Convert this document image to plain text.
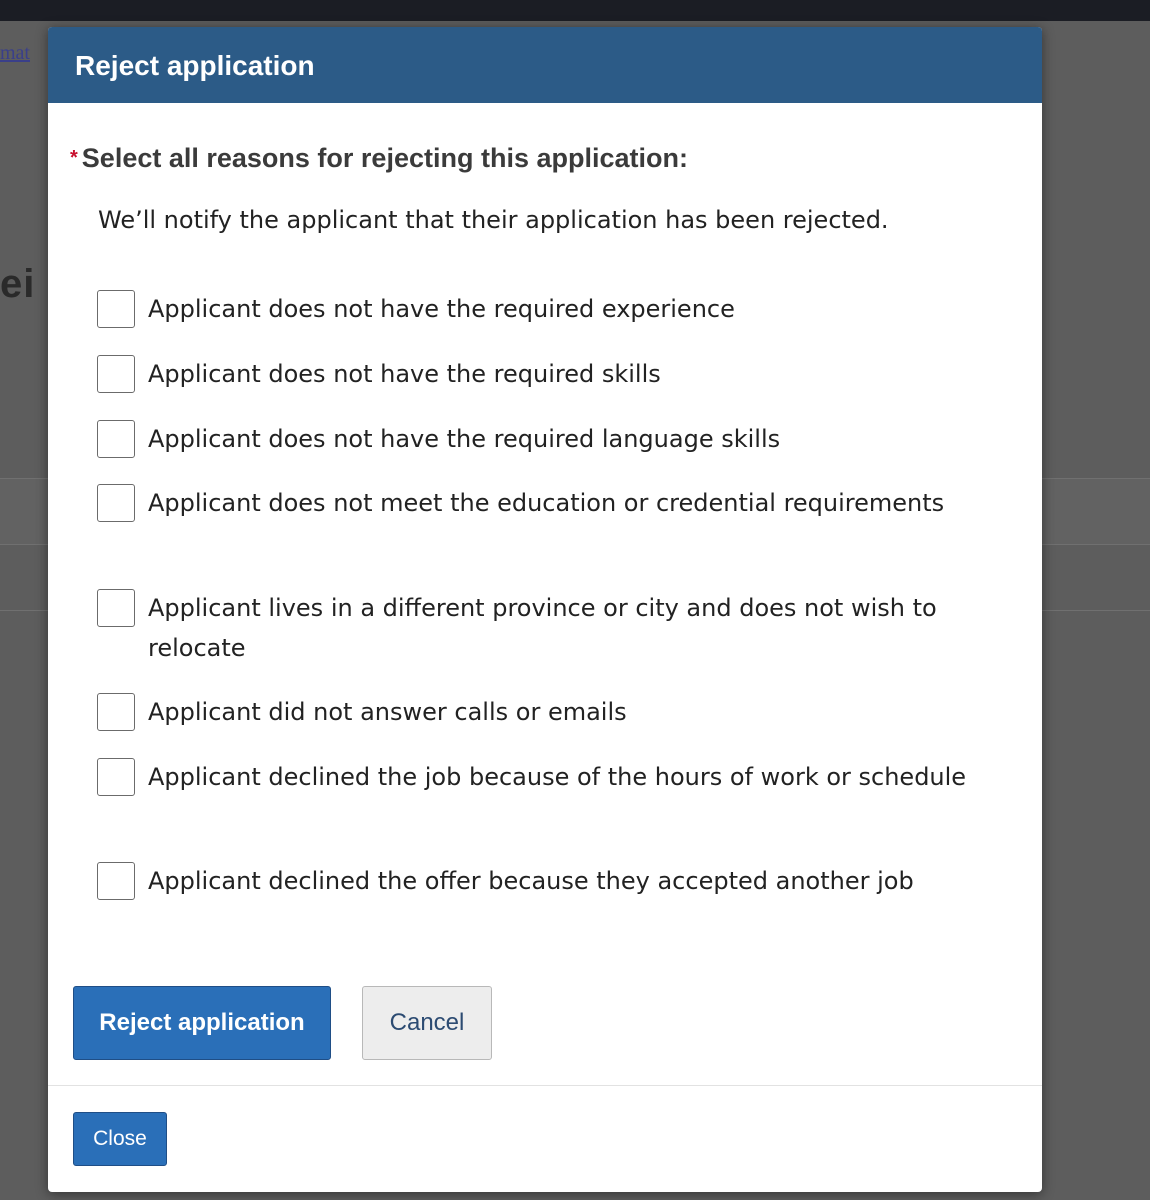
mat
ei
Reject application
* Select all reasons for rejecting this application:
We’ll notify the applicant that their application has been rejected.
Applicant does not have the required experience
Applicant does not have the required skills
Applicant does not have the required language skills
Applicant does not meet the education or credential requirements
Applicant lives in a different province or city and does not wish to relocate
Applicant did not answer calls or emails
Applicant declined the job because of the hours of work or schedule
Applicant declined the offer because they accepted another job
Reject application	Cancel
Close
